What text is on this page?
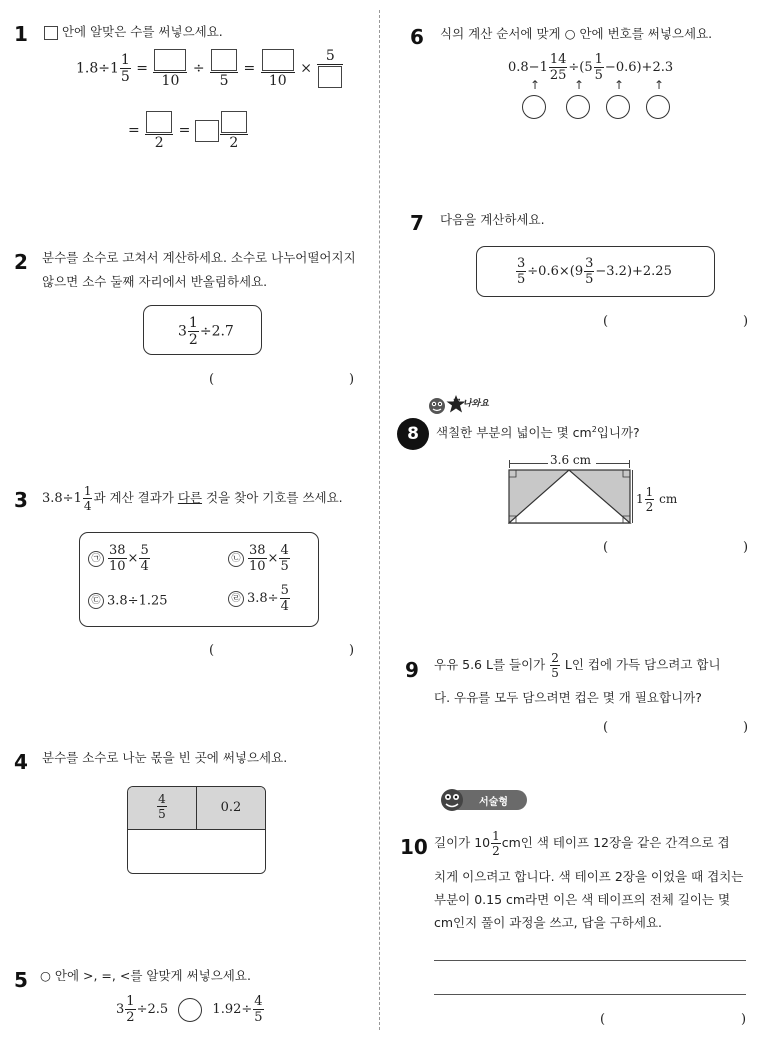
1	안에 알맞은 수를 써넣으세요.
$1.8\div 1 \frac{1}{5}$ =
10
÷
5
=
10
×
5
=
2
=
2
2 분수를 소수로 고쳐서 계산하세요. 소수로 나누어떨어지지 않으면 소수 둘째 자리에서 반올림하세요.
$3 \frac{1}{2} \div 2.7$
(	)
3 $3.8\div 1 \frac{1}{4}$ 과 계산 결과가 다른 것을 찾아 기호를 쓰세요.
㉠ $\frac{38}{10} \times \frac{5}{4}$	㉡ $\frac{38}{10} \times \frac{4}{5}$
㉢ 3.8÷1.25	㉣ $3.8\div \frac{5}{4}$
(	)
4 분수를 소수로 나눈 몫을 빈 곳에 써넣으세요.
$\frac{4}{5}$	0.2
5 ○ 안에 >, =, <를 알맞게 써넣으세요.
$3 \frac{1}{2} \div 2.5$	$1.92\div \frac{4}{5}$
6 식의 계산 순서에 맞게 ○ 안에 번호를 써넣으세요.
$0.8-1 \frac{14}{25} \div(5 \frac{1}{5} -0.6)+2.3$
↑	↑ ↑ ↑
7 다음을 계산하세요.
$\frac{3}{5} \div 0.6\times(9 \frac{3}{5} -3.2)+2.25$
(	)
꼭 나와요
8	색칠한 부분의 넓이는 몇 $cm^2$입니까?
3.6 cm
$1 \frac{1}{2}$ cm
(	)
9 우유 5.6 L를 들이가 $\frac{2}{5}$ L인 컵에 가득 담으려고 합니
다. 우유를 모두 담으려면 컵은 몇 개 필요합니까?
(	)
서술형
10 길이가 $10 \frac{1}{2}$ cm인 색 테이프 12장을 같은 간격으로 겹
치게 이으려고 합니다. 색 테이프 2장을 이었을 때 겹치는
부분이 0.15 cm라면 이은 색 테이프의 전체 길이는 몇
cm인지 풀이 과정을 쓰고, 답을 구하세요.
(	)
